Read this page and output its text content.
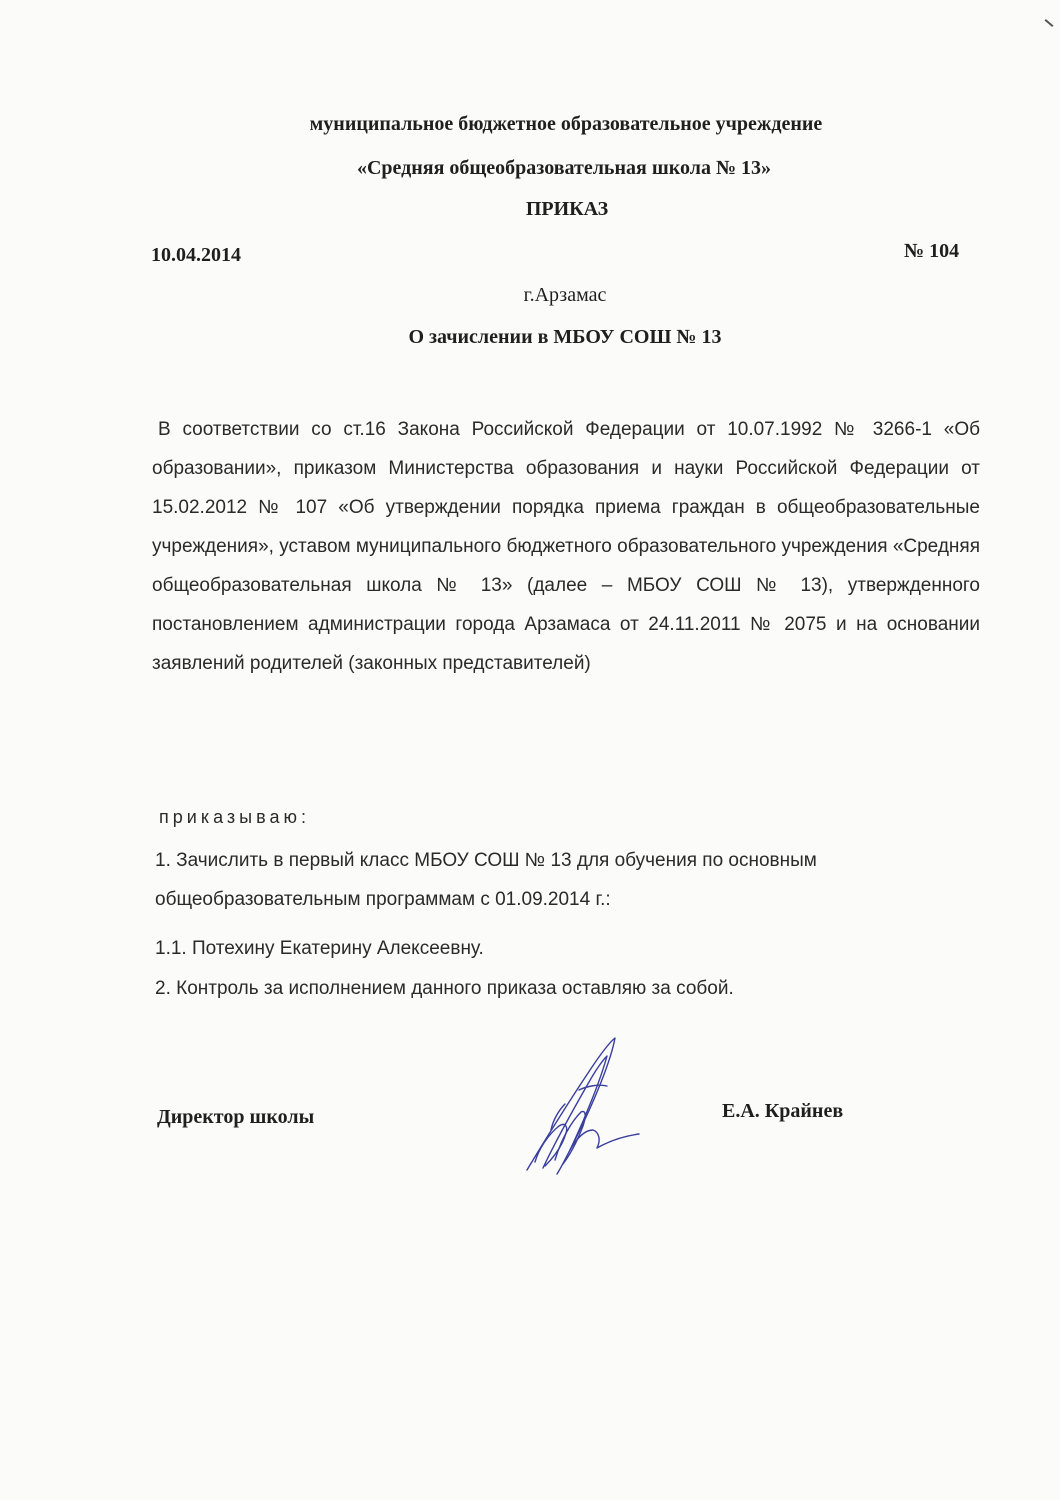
муниципальное бюджетное образовательное учреждение
«Средняя общеобразовательная школа № 13»
ПРИКАЗ
10.04.2014	№ 104
г.Арзамас
О зачислении в МБОУ СОШ № 13

В соответствии со ст.16 Закона Российской Федерации от 10.07.1992 № 3266-1 «Об образовании», приказом Министерства образования и науки Российской Федерации от 15.02.2012 № 107 «Об утверждении порядка приема граждан в общеобразовательные учреждения», уставом муниципального бюджетного образовательного учреждения «Средняя общеобразовательная школа № 13» (далее – МБОУ СОШ № 13), утвержденного постановлением администрации города Арзамаса от 24.11.2011 № 2075 и на основании заявлений родителей (законных представителей)

приказываю:

1. Зачислить в первый класс МБОУ СОШ № 13 для обучения по основным общеобразовательным программам с 01.09.2014 г.:

1.1. Потехину Екатерину Алексеевну.

2. Контроль за исполнением данного приказа оставляю за собой.

Директор школы	Е.А. Крайнев
